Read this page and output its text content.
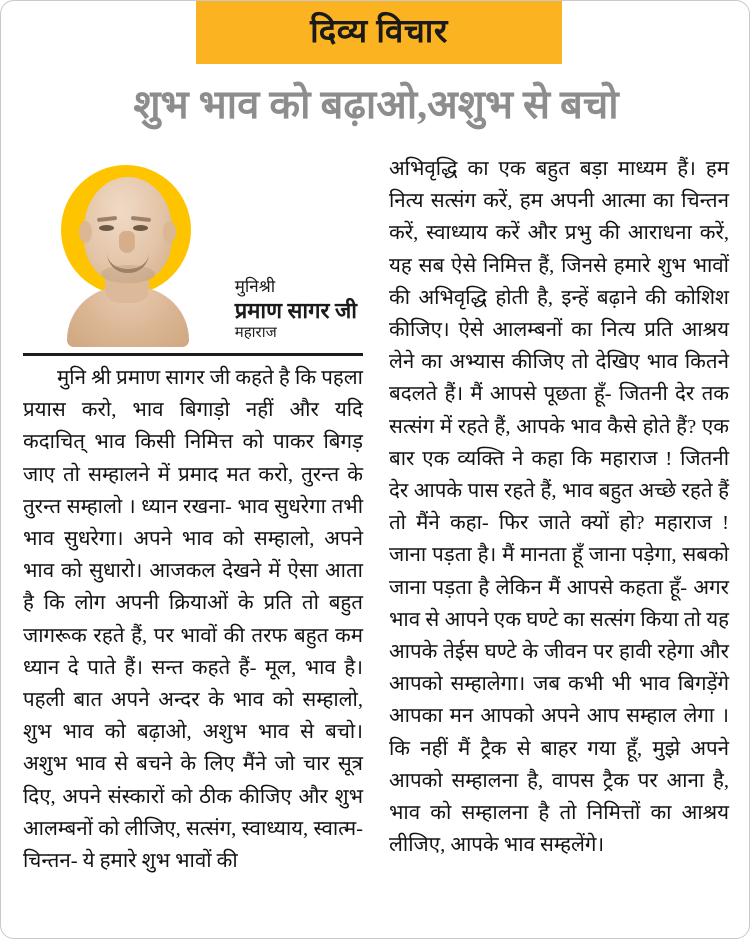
दिव्य विचार
शुभ भाव को बढ़ाओ,अशुभ से बचो
मुनिश्री
प्रमाण सागर जी
महाराज
मुनि श्री प्रमाण सागर जी कहते है कि पहला प्रयास करो, भाव बिगाड़ो नहीं और यदि कदाचित् भाव किसी निमित्त को पाकर बिगड़ जाए तो सम्हालने में प्रमाद मत करो, तुरन्त के तुरन्त सम्हालो । ध्यान रखना- भाव सुधरेगा तभी भाव सुधरेगा। अपने भाव को सम्हालो, अपने भाव को सुधारो। आजकल देखने में ऐसा आता है कि लोग अपनी क्रियाओं के प्रति तो बहुत जागरूक रहते हैं, पर भावों की तरफ बहुत कम ध्यान दे पाते हैं। सन्त कहते हैं- मूल, भाव है। पहली बात अपने अन्दर के भाव को सम्हालो, शुभ भाव को बढ़ाओ, अशुभ भाव से बचो। अशुभ भाव से बचने के लिए मैंने जो चार सूत्र दिए, अपने संस्कारों को ठीक कीजिए और शुभ आलम्बनों को लीजिए, सत्संग, स्वाध्याय, स्वात्म-चिन्तन- ये हमारे शुभ भावों की
अभिवृद्धि का एक बहुत बड़ा माध्यम हैं। हम नित्य सत्संग करें, हम अपनी आत्मा का चिन्तन करें, स्वाध्याय करें और प्रभु की आराधना करें, यह सब ऐसे निमित्त हैं, जिनसे हमारे शुभ भावों की अभिवृद्धि होती है, इन्हें बढ़ाने की कोशिश कीजिए। ऐसे आलम्बनों का नित्य प्रति आश्रय लेने का अभ्यास कीजिए तो देखिए भाव कितने बदलते हैं। मैं आपसे पूछता हूँ- जितनी देर तक सत्संग में रहते हैं, आपके भाव कैसे होते हैं? एक बार एक व्यक्ति ने कहा कि महाराज ! जितनी देर आपके पास रहते हैं, भाव बहुत अच्छे रहते हैं तो मैंने कहा- फिर जाते क्यों हो? महाराज ! जाना पड़ता है। मैं मानता हूँ जाना पड़ेगा, सबको जाना पड़ता है लेकिन मैं आपसे कहता हूँ- अगर भाव से आपने एक घण्टे का सत्संग किया तो यह आपके तेईस घण्टे के जीवन पर हावी रहेगा और आपको सम्हालेगा। जब कभी भी भाव बिगड़ेंगे आपका मन आपको अपने आप सम्हाल लेगा ।कि नहीं मैं ट्रैक से बाहर गया हूँ, मुझे अपने आपको सम्हालना है, वापस ट्रैक पर आना है, भाव को सम्हालना है तो निमित्तों का आश्रय लीजिए, आपके भाव सम्हलेंगे।
